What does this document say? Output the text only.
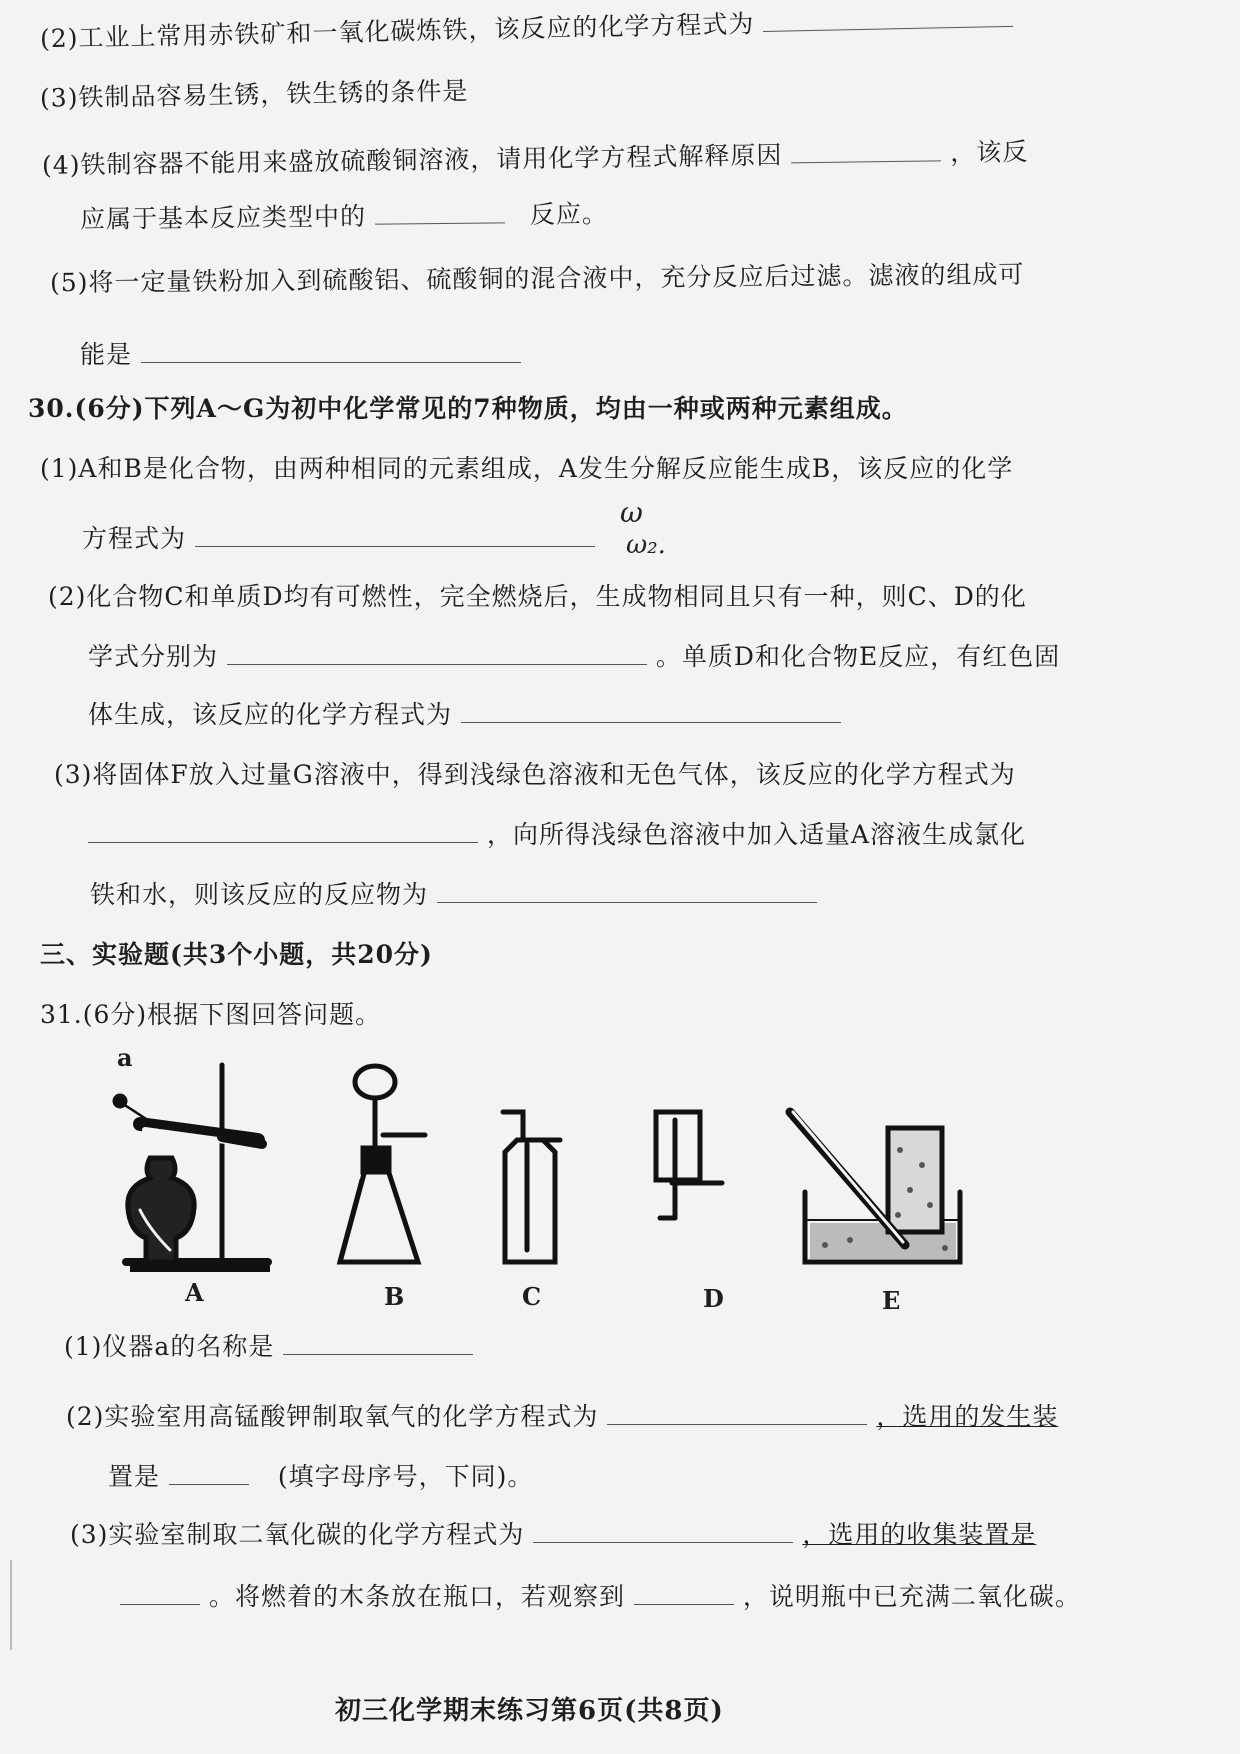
(2)工业上常用赤铁矿和一氧化碳炼铁，该反应的化学方程式为
(3)铁制品容易生锈，铁生锈的条件是
(4)铁制容器不能用来盛放硫酸铜溶液，请用化学方程式解释原因	，该反
应属于基本反应类型中的	反应。
(5)将一定量铁粉加入到硫酸铝、硫酸铜的混合液中，充分反应后过滤。滤液的组成可
能是
30.(6分)下列A～G为初中化学常见的7种物质，均由一种或两种元素组成。
(1)A和B是化合物，由两种相同的元素组成，A发生分解反应能生成B，该反应的化学
方程式为
ω
ω₂.
(2)化合物C和单质D均有可燃性，完全燃烧后，生成物相同且只有一种，则C、D的化
学式分别为	。单质D和化合物E反应，有红色固
体生成，该反应的化学方程式为
(3)将固体F放入过量G溶液中，得到浅绿色溶液和无色气体，该反应的化学方程式为
，向所得浅绿色溶液中加入适量A溶液生成氯化
铁和水，则该反应的反应物为
三、实验题(共3个小题，共20分)
31.(6分)根据下图回答问题。
a
A	B	C	D	E
(1)仪器a的名称是
(2)实验室用高锰酸钾制取氧气的化学方程式为	，选用的发生装
置是	(填字母序号，下同)。
(3)实验室制取二氧化碳的化学方程式为	，选用的收集装置是
。将燃着的木条放在瓶口，若观察到	，说明瓶中已充满二氧化碳。
初三化学期末练习第6页(共8页)
